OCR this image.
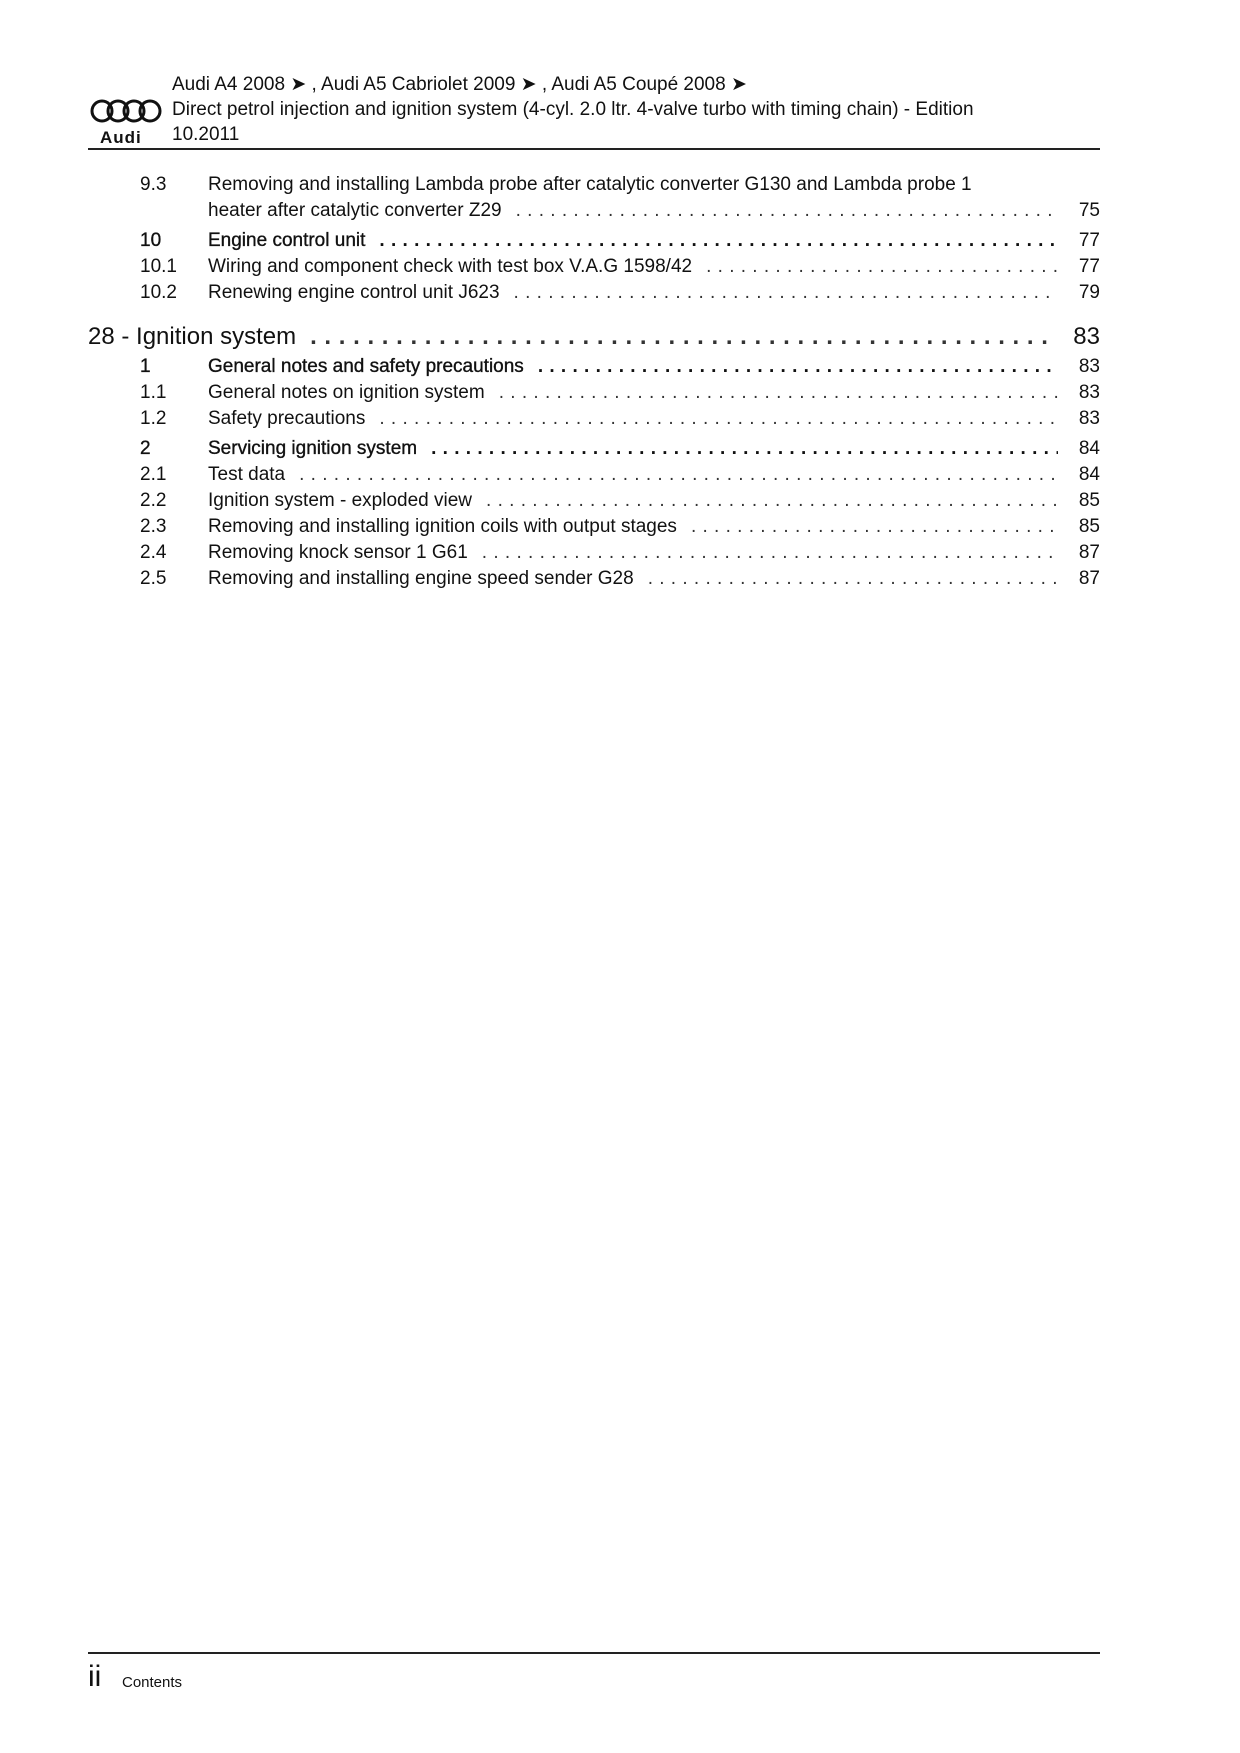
Audi
Audi A4 2008 ➤ , Audi A5 Cabriolet 2009 ➤ , Audi A5 Coupé 2008 ➤
Direct petrol injection and ignition system (4-cyl. 2.0 ltr. 4-valve turbo with timing chain) - Edition
10.2011
9.3	Removing and installing Lambda probe after catalytic converter G130 and Lambda probe 1
heater after catalytic converter Z29 . . .	75
10	Engine control unit . . .	77
10.1	Wiring and component check with test box V.A.G 1598/42 . . .	77
10.2	Renewing engine control unit J623 . . .	79
28 - Ignition system . . .	83
1	General notes and safety precautions . . .	83
1.1	General notes on ignition system . . .	83
1.2	Safety precautions . . .	83
2	Servicing ignition system . . .	84
2.1	Test data . . .	84
2.2	Ignition system - exploded view . . .	85
2.3	Removing and installing ignition coils with output stages . . .	85
2.4	Removing knock sensor 1 G61 . . .	87
2.5	Removing and installing engine speed sender G28 . . .	87
ii Contents
